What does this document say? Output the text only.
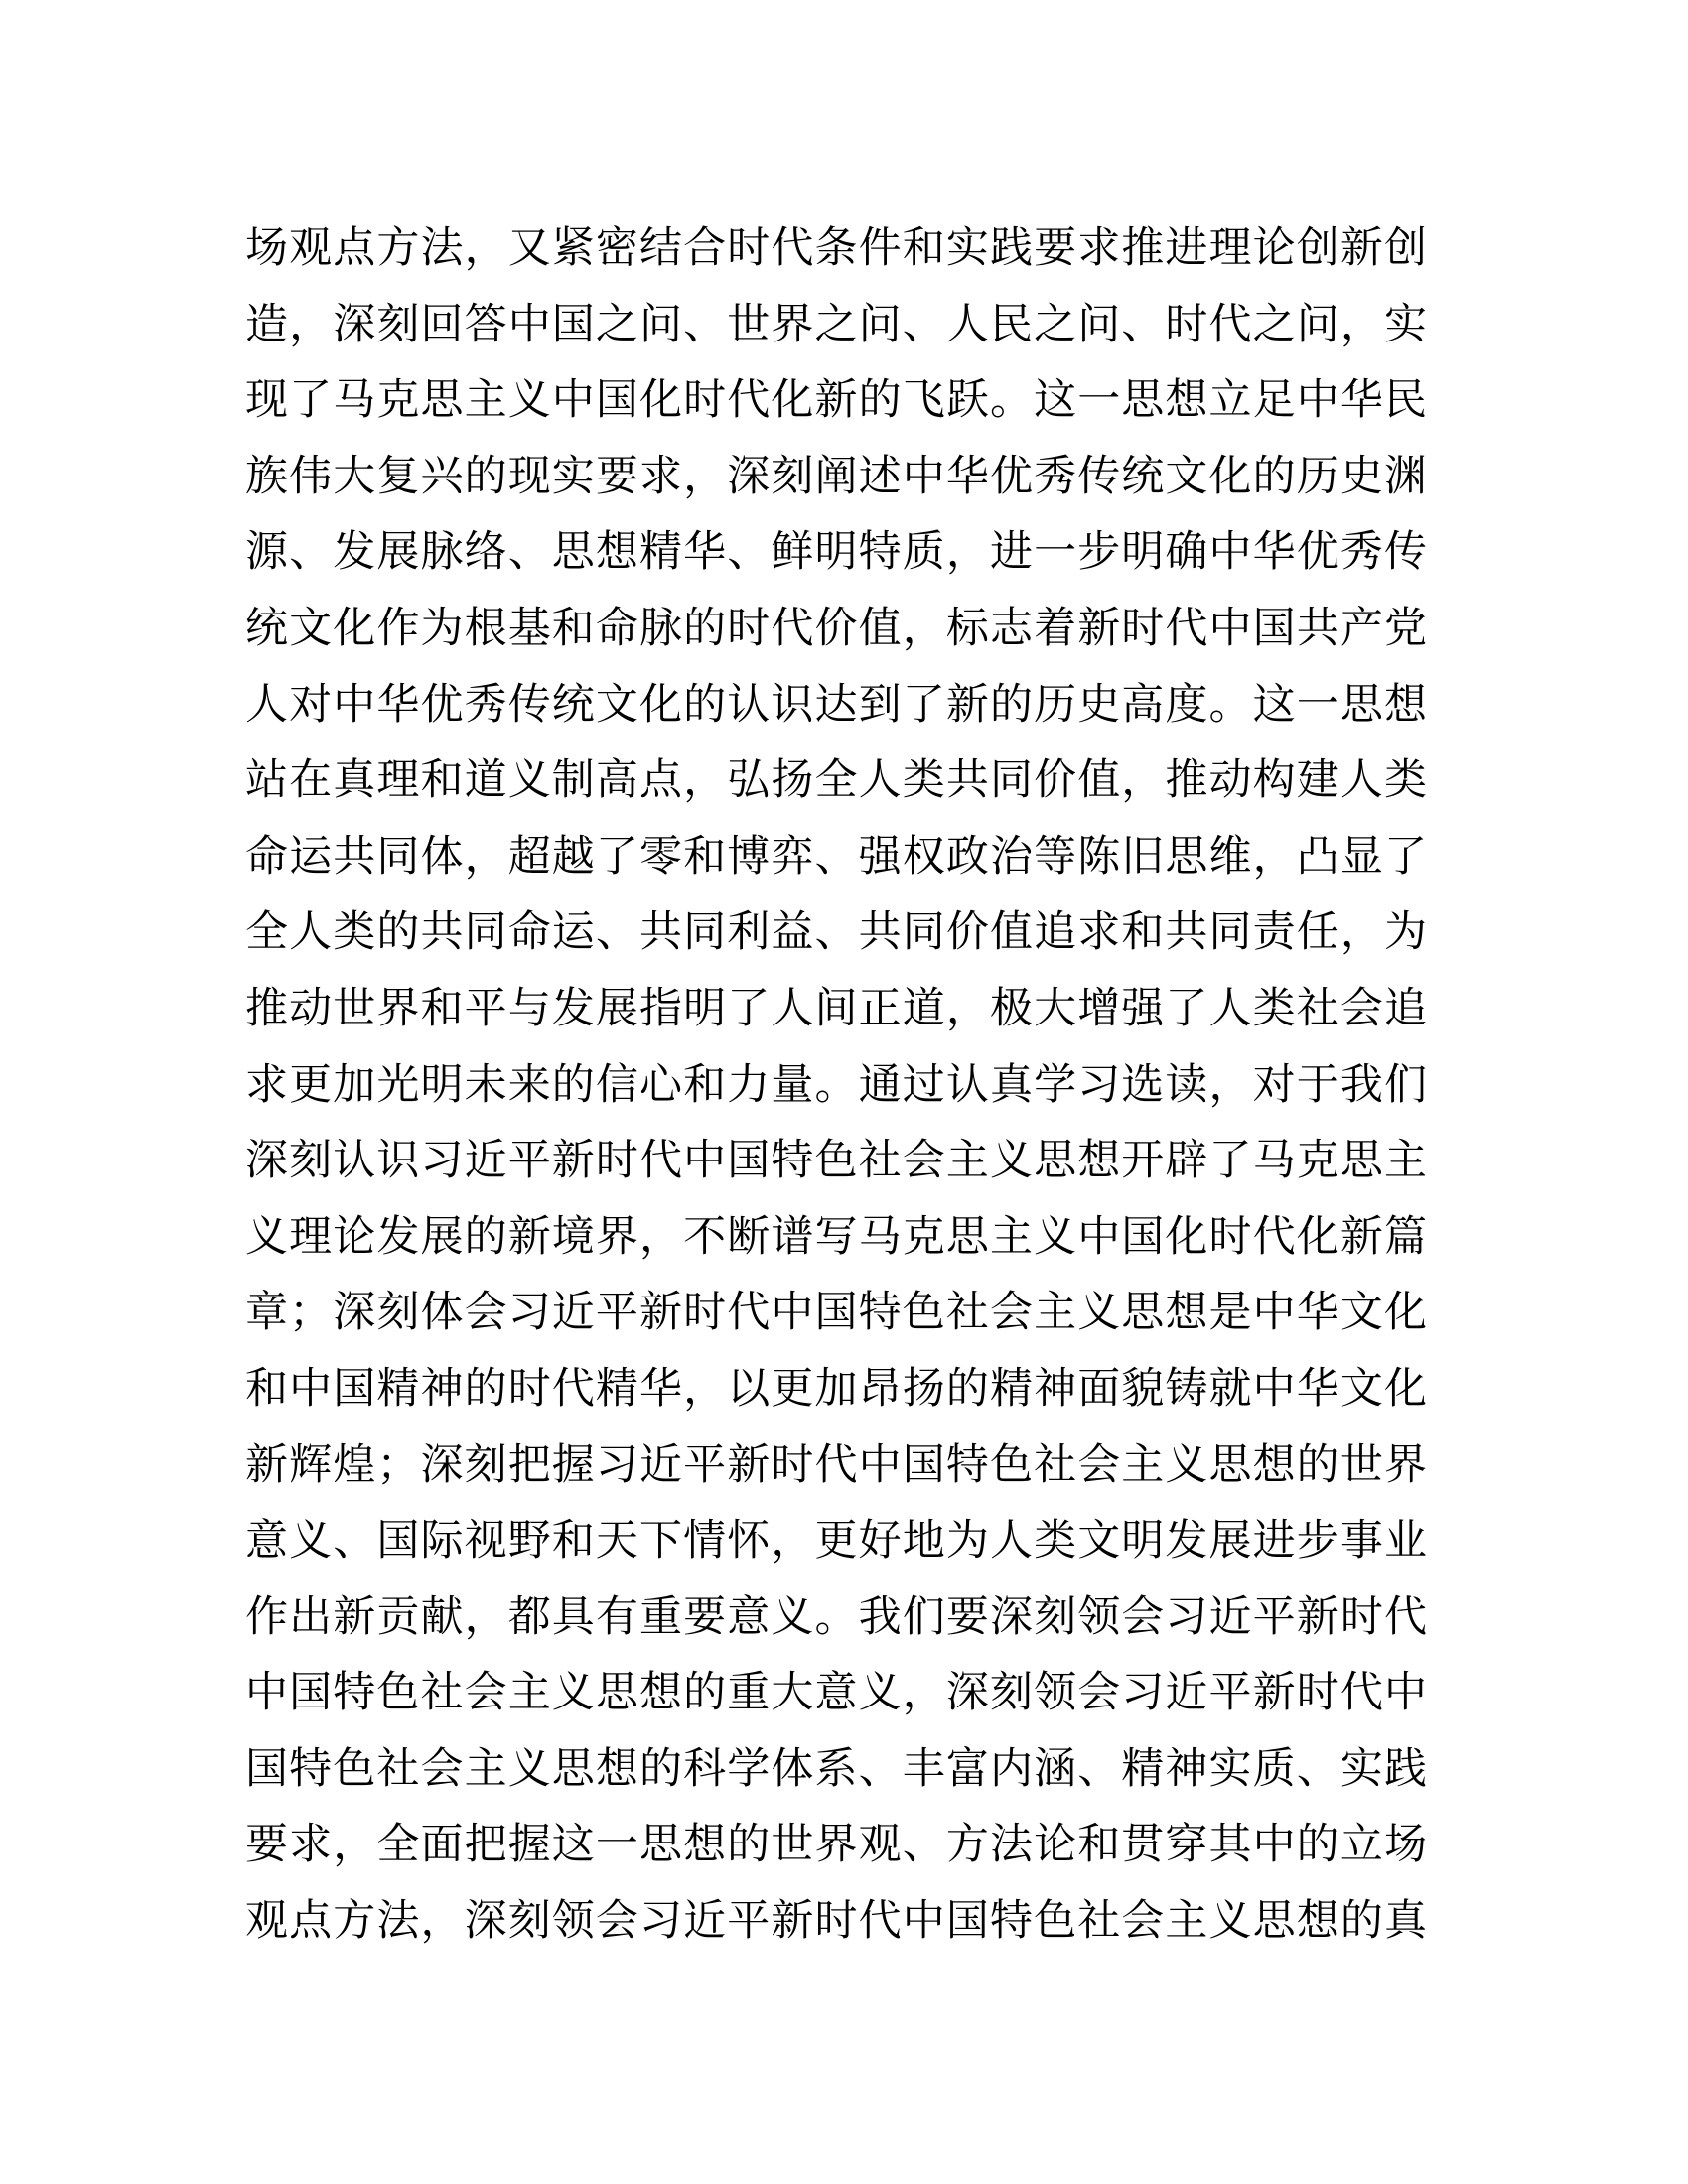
场观点方法，又紧密结合时代条件和实践要求推进理论创新创
造，深刻回答中国之问、世界之问、人民之问、时代之问，实
现了马克思主义中国化时代化新的飞跃。这一思想立足中华民
族伟大复兴的现实要求，深刻阐述中华优秀传统文化的历史渊
源、发展脉络、思想精华、鲜明特质，进一步明确中华优秀传
统文化作为根基和命脉的时代价值，标志着新时代中国共产党
人对中华优秀传统文化的认识达到了新的历史高度。这一思想
站在真理和道义制高点，弘扬全人类共同价值，推动构建人类
命运共同体，超越了零和博弈、强权政治等陈旧思维，凸显了
全人类的共同命运、共同利益、共同价值追求和共同责任，为
推动世界和平与发展指明了人间正道，极大增强了人类社会追
求更加光明未来的信心和力量。通过认真学习选读，对于我们
深刻认识习近平新时代中国特色社会主义思想开辟了马克思主
义理论发展的新境界，不断谱写马克思主义中国化时代化新篇
章；深刻体会习近平新时代中国特色社会主义思想是中华文化
和中国精神的时代精华，以更加昂扬的精神面貌铸就中华文化
新辉煌；深刻把握习近平新时代中国特色社会主义思想的世界
意义、国际视野和天下情怀，更好地为人类文明发展进步事业
作出新贡献，都具有重要意义。我们要深刻领会习近平新时代
中国特色社会主义思想的重大意义，深刻领会习近平新时代中
国特色社会主义思想的科学体系、丰富内涵、精神实质、实践
要求，全面把握这一思想的世界观、方法论和贯穿其中的立场
观点方法，深刻领会习近平新时代中国特色社会主义思想的真
